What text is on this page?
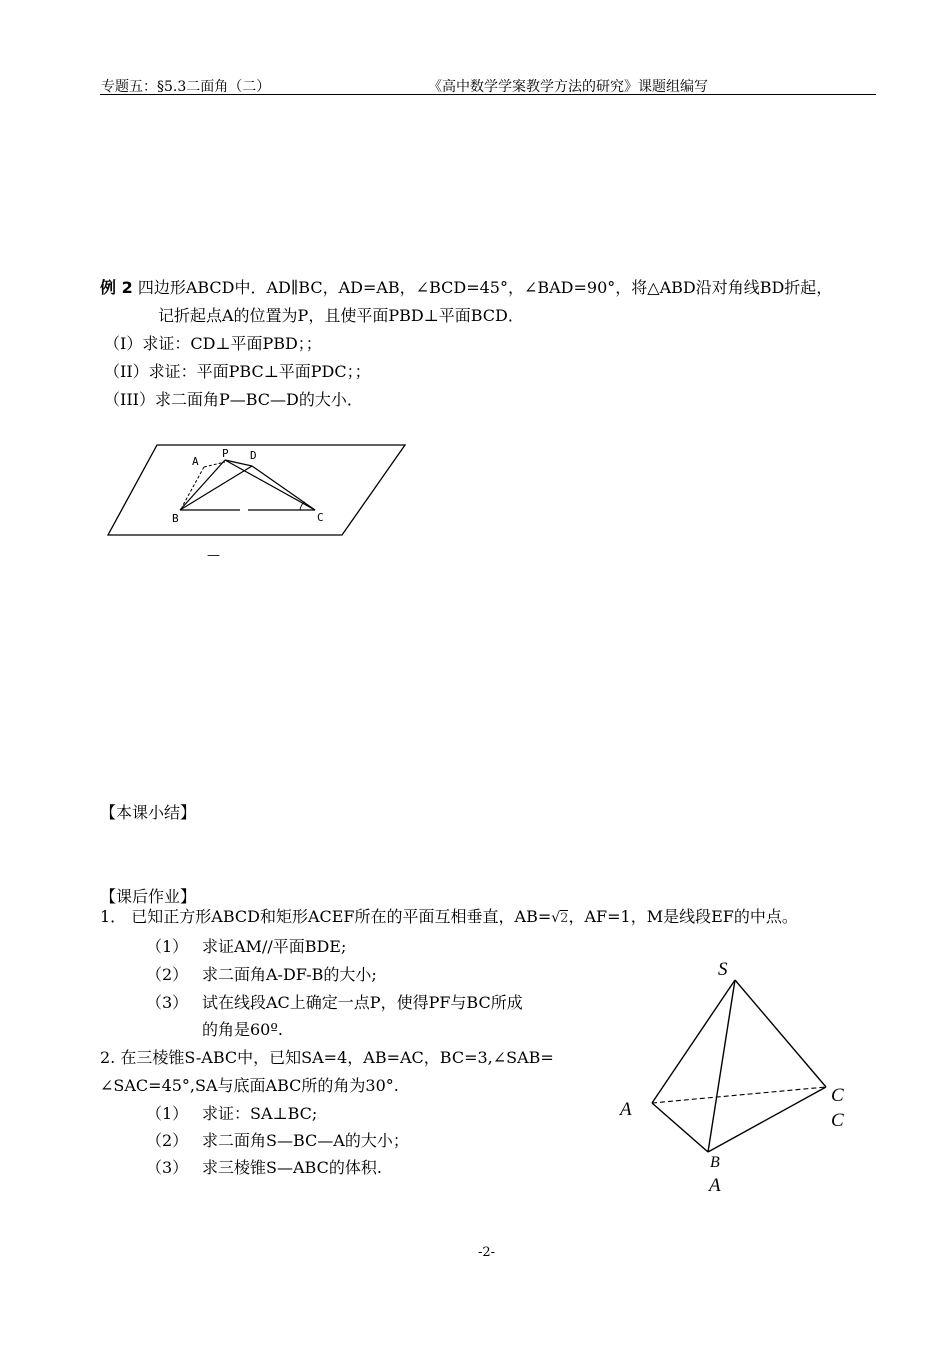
专题五：§5.3二面角（二）	《高中数学学案教学方法的研究》课题组编写
例 2 四边形ABCD中．AD∥BC，AD=AB，∠BCD=45°，∠BAD=90°，将△ABD沿对角线BD折起，
记折起点A的位置为P，且使平面PBD⊥平面BCD．
（I）求证：CD⊥平面PBD；；
（II）求证：平面PBC⊥平面PDC；；
（III）求二面角P—BC—D的大小．
A
P D
B	C
—
【本课小结】
【课后作业】
1． 已知正方形ABCD和矩形ACEF所在的平面互相垂直，AB=√2，AF=1，M是线段EF的中点。
（1） 求证AM//平面BDE;
（2） 求二面角A-DF-B的大小;
（3） 试在线段AC上确定一点P，使得PF与BC所成
的角是60º.
2. 在三棱锥S-ABC中，已知SA=4，AB=AC，BC=3,∠SAB=
∠SAC=45°,SA与底面ABC所的角为30°.
（1） 求证：SA⊥BC;
（2） 求二面角S—BC—A的大小；
（3） 求三棱锥S—ABC的体积.
S
A
C
C
B
A
-2-
